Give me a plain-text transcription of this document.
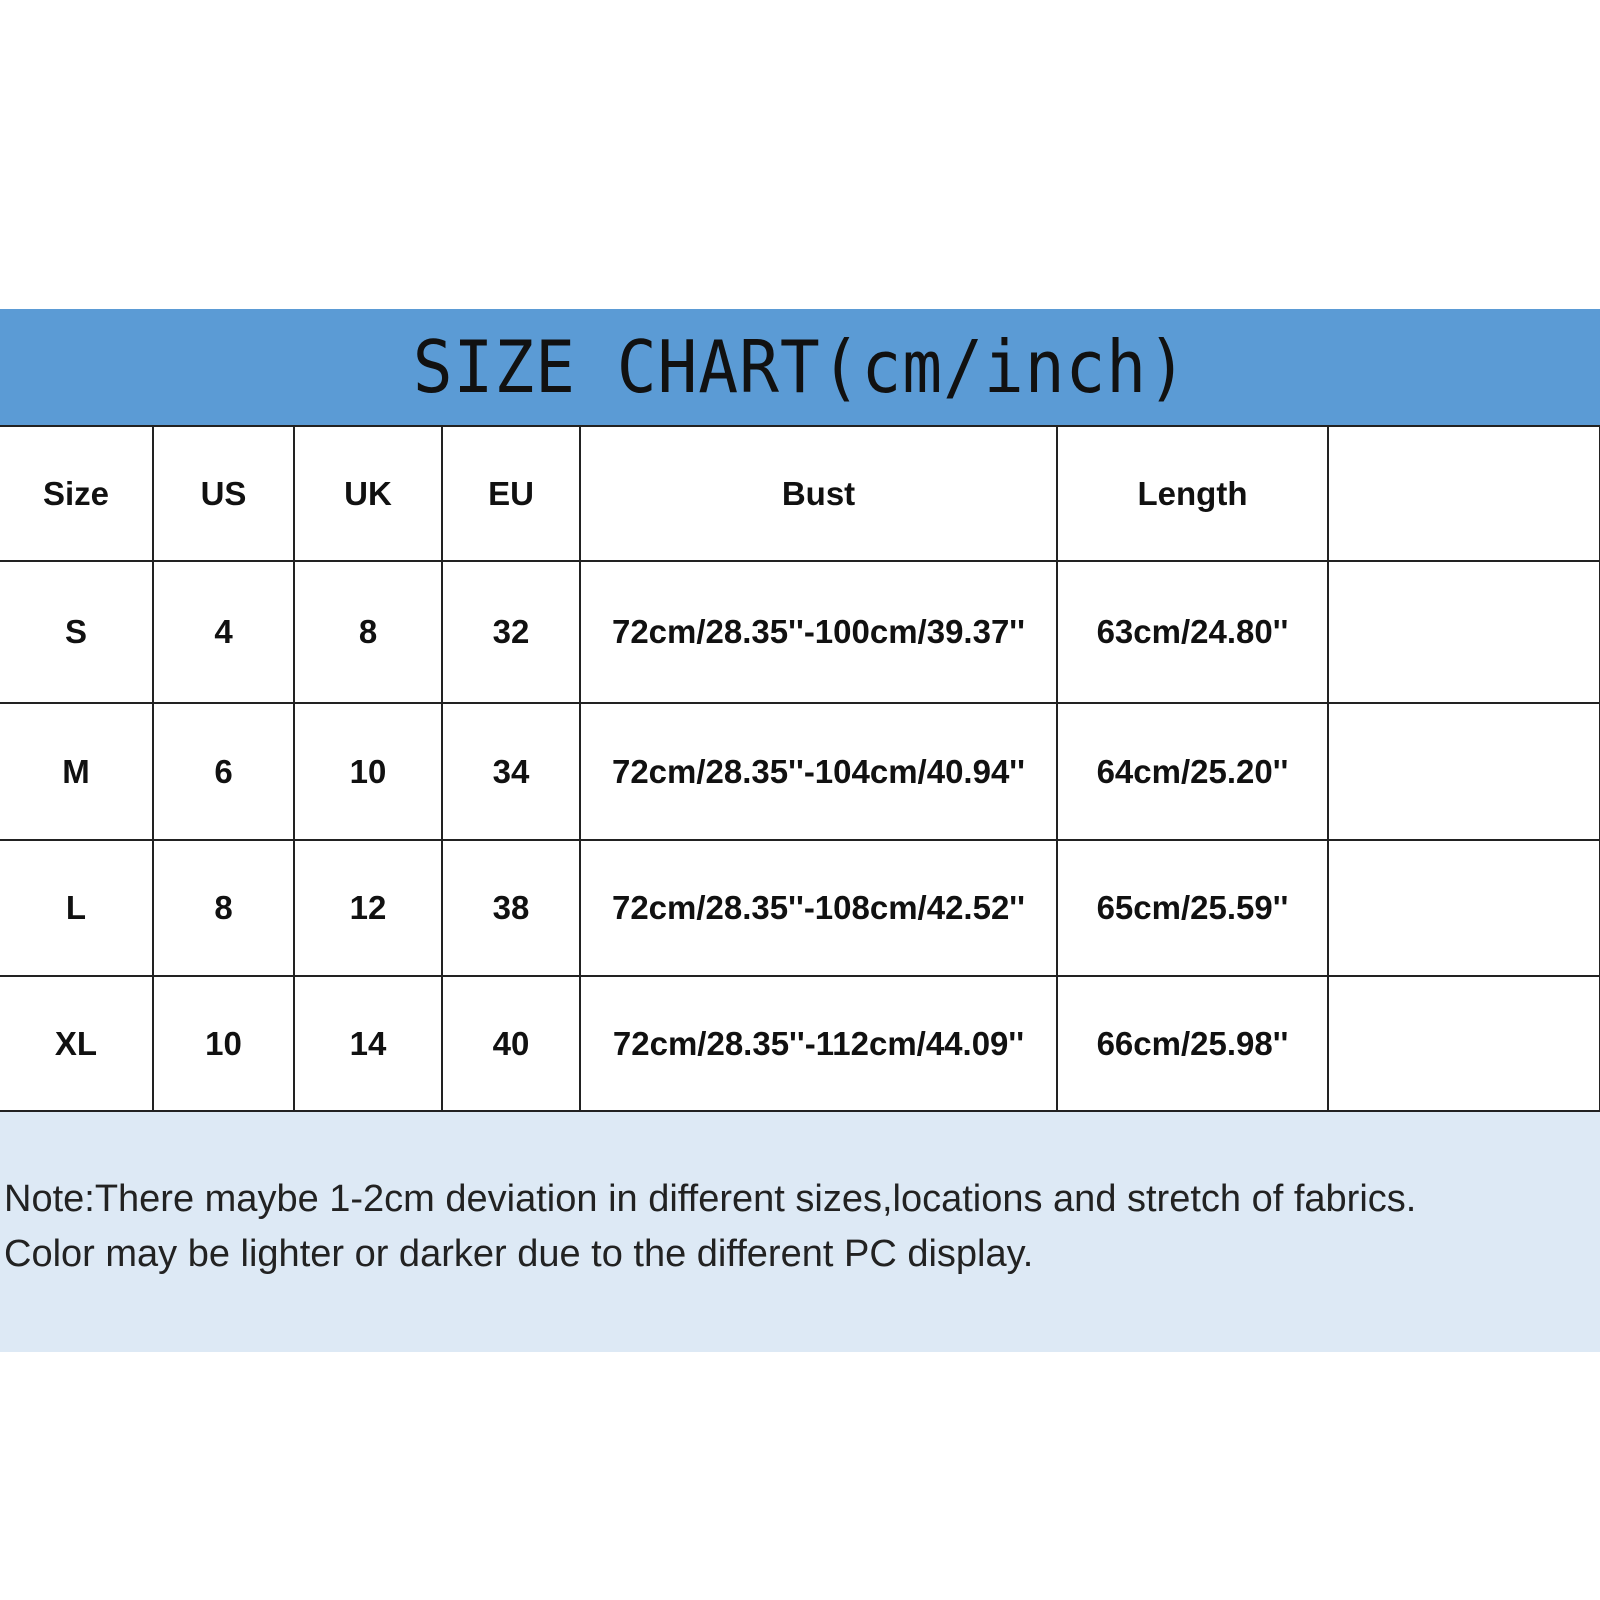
SIZE CHART(cm/inch)
Size	US	UK	EU	Bust	Length	
S	4	8	32	72cm/28.35''-100cm/39.37''	63cm/24.80''	
M	6	10	34	72cm/28.35''-104cm/40.94''	64cm/25.20''	
L	8	12	38	72cm/28.35''-108cm/42.52''	65cm/25.59''	
XL	10	14	40	72cm/28.35''-112cm/44.09''	66cm/25.98''	
Note:There maybe 1-2cm deviation in different sizes,locations and stretch of fabrics.
Color may be lighter or darker due to the different PC display.
